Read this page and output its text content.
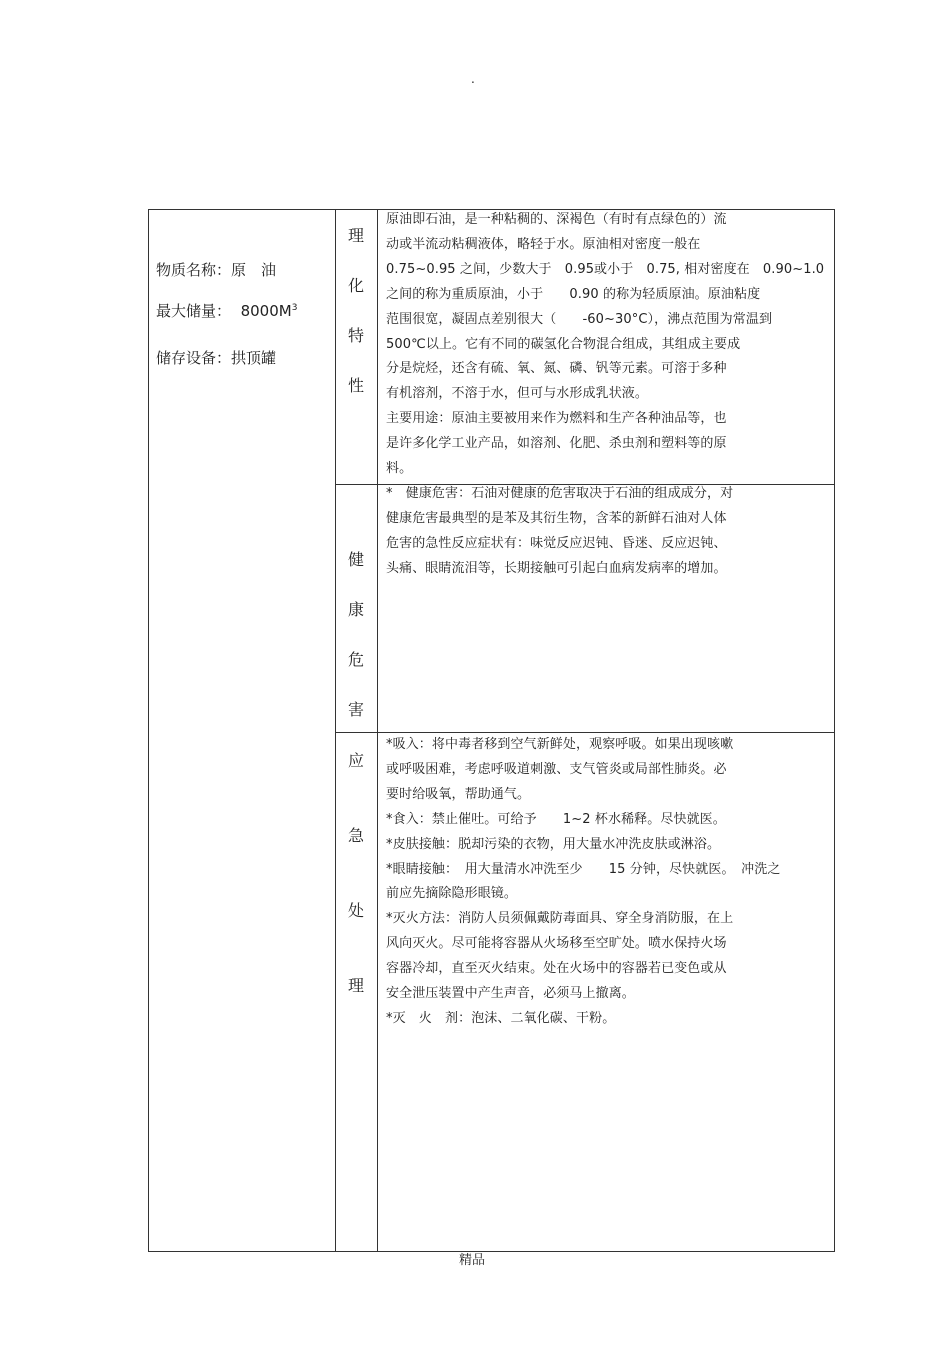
.
物质名称：原　油
最大储量： $8000M^3$
储存设备：拱顶罐
理
化
特
性
原油即石油，是一种粘稠的、深褐色（有时有点绿色的）流
动或半流动粘稠液体，略轻于水。原油相对密度一般在
0.75~0.95 之间，少数大于　0.95或小于　0.75, 相对密度在　0.90~1.0
之间的称为重质原油，小于　　0.90 的称为轻质原油。原油粘度
范围很宽，凝固点差别很大（　　-60~30°C），沸点范围为常温到
500℃以上。它有不同的碳氢化合物混合组成，其组成主要成
分是烷烃，还含有硫、氧、氮、磷、钒等元素。可溶于多种
有机溶剂，不溶于水，但可与水形成乳状液。
主要用途：原油主要被用来作为燃料和生产各种油品等，也
是许多化学工业产品，如溶剂、化肥、杀虫剂和塑料等的原
料。
健
康
危
害
*　健康危害：石油对健康的危害取决于石油的组成成分，对
健康危害最典型的是苯及其衍生物，含苯的新鲜石油对人体
危害的急性反应症状有：味觉反应迟钝、昏迷、反应迟钝、
头痛、眼睛流泪等，长期接触可引起白血病发病率的增加。
应
急
处
理
*吸入：将中毒者移到空气新鲜处，观察呼吸。如果出现咳嗽
或呼吸困难，考虑呼吸道刺激、支气管炎或局部性肺炎。必
要时给吸氧，帮助通气。
*食入：禁止催吐。可给予　　1~2 杯水稀释。尽快就医。
*皮肤接触：脱却污染的衣物，用大量水冲洗皮肤或淋浴。
*眼睛接触：　用大量清水冲洗至少　　15 分钟，尽快就医。　冲洗之
前应先摘除隐形眼镜。
*灭火方法：消防人员须佩戴防毒面具、穿全身消防服，在上
风向灭火。尽可能将容器从火场移至空旷处。喷水保持火场
容器冷却，直至灭火结束。处在火场中的容器若已变色或从
安全泄压装置中产生声音，必须马上撤离。
*灭　火　剂：泡沫、二氧化碳、干粉。
精品
